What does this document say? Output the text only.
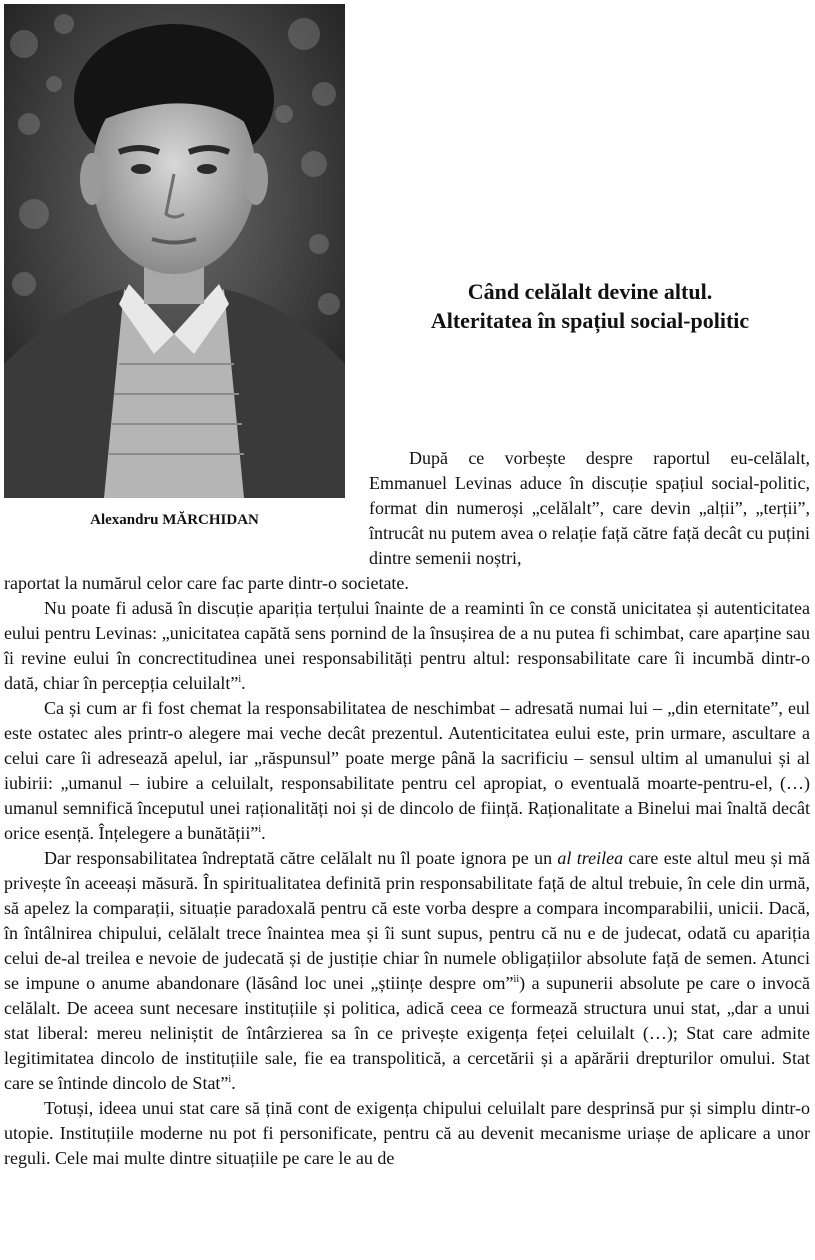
Alexandru MĂRCHIDAN
Când celălalt devine altul.
Alteritatea în spațiul social-politic

După ce vorbește despre raportul eu-celălalt, Emmanuel Levinas aduce în discuție spațiul social-politic, format din numeroși „celălalt”, care devin „alții”, „terții”, întrucât nu putem avea o relație față către față decât cu puțini dintre semenii noștri,

raportat la numărul celor care fac parte dintr-o societate.

Nu poate fi adusă în discuție apariția terțului înainte de a reaminti în ce constă unicitatea și autenticitatea eului pentru Levinas: „unicitatea capătă sens pornind de la însușirea de a nu putea fi schimbat, care aparține sau îi revine eului în concrectitudinea unei responsabilități pentru altul: responsabilitate care îi incumbă dintr-o dată, chiar în percepția celuilalt”$^i$.

Ca și cum ar fi fost chemat la responsabilitatea de neschimbat – adresată numai lui – „din eternitate”, eul este ostatec ales printr-o alegere mai veche decât prezentul. Autenticitatea eului este, prin urmare, ascultare a celui care îi adresează apelul, iar „răspunsul” poate merge până la sacrificiu – sensul ultim al umanului și al iubirii: „umanul – iubire a celuilalt, responsabilitate pentru cel apropiat, o eventuală moarte-pentru-el, (…) umanul semnifică începutul unei raționalități noi și de dincolo de ființă. Raționalitate a Binelui mai înaltă decât orice esență. Înțelegere a bunătății”$^i$.

Dar responsabilitatea îndreptată către celălalt nu îl poate ignora pe un al treilea care este altul meu și mă privește în aceeași măsură. În spiritualitatea definită prin responsabilitate față de altul trebuie, în cele din urmă, să apelez la comparații, situație paradoxală pentru că este vorba despre a compara incomparabilii, unicii. Dacă, în întâlnirea chipului, celălalt trece înaintea mea și îi sunt supus, pentru că nu e de judecat, odată cu apariția celui de-al treilea e nevoie de judecată și de justiție chiar în numele obligațiilor absolute față de semen. Atunci se impune o anume abandonare (lăsând loc unei „științe despre om”$^{ii}$) a supunerii absolute pe care o invocă celălalt. De aceea sunt necesare instituțiile și politica, adică ceea ce formează structura unui stat, „dar a unui stat liberal: mereu neliniștit de întârzierea sa în ce privește exigența feței celuilalt (…); Stat care admite legitimitatea dincolo de instituțiile sale, fie ea transpolitică, a cercetării și a apărării drepturilor omului. Stat care se întinde dincolo de Stat”$^i$.

Totuși, ideea unui stat care să țină cont de exigența chipului celuilalt pare desprinsă pur și simplu dintr-o utopie. Instituțiile moderne nu pot fi personificate, pentru că au devenit mecanisme uriașe de aplicare a unor reguli. Cele mai multe dintre situațiile pe care le au de
